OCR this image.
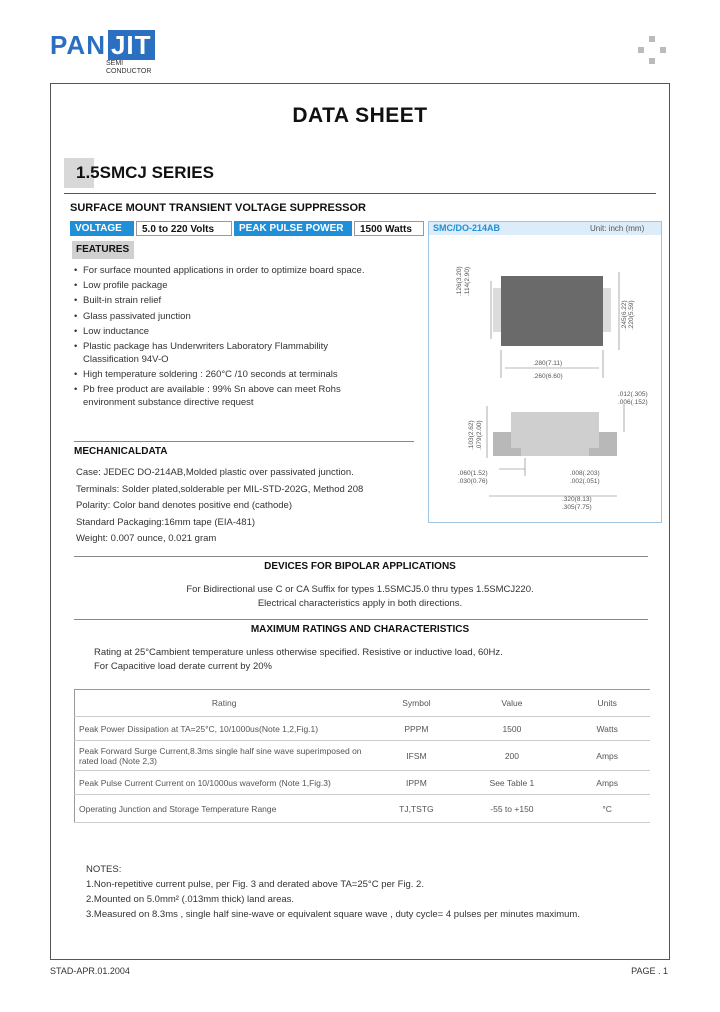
PAN JIT
SEMI
CONDUCTOR
DATA SHEET
1.5SMCJ SERIES
SURFACE MOUNT TRANSIENT VOLTAGE SUPPRESSOR
VOLTAGE	5.0 to 220 Volts	PEAK PULSE POWER	1500 Watts
FEATURES
• For surface mounted applications in order to optimize board space.
• Low profile package
• Built-in strain relief
• Glass passivated junction
• Low inductance
• Plastic package has Underwriters Laboratory Flammability Classification 94V-O
• High temperature soldering : 260°C /10 seconds at terminals
• Pb free product are available : 99% Sn above can meet Rohs environment substance directive request
MECHANICALDATA
Case: JEDEC DO-214AB,Molded plastic over passivated junction.
Terminals: Solder plated,solderable per MIL-STD-202G, Method 208
Polarity: Color band denotes positive end (cathode)
Standard Packaging:16mm tape (EIA-481)
Weight: 0.007 ounce, 0.021 gram
SMC/DO-214AB	Unit: inch (mm)
.126(3.20) .114(2.90)
.245(6.22) .220(5.59)
.280(7.11)
.260(6.60)
.103(2.62) .079(2.00)
.012(.305)
.006(.152)
.060(1.52)
.030(0.76)
.008(.203)
.002(.051)
.320(8.13)
.305(7.75)
DEVICES FOR BIPOLAR APPLICATIONS
For Bidirectional use C or CA Suffix for types 1.5SMCJ5.0 thru types 1.5SMCJ220.
Electrical characteristics apply in both directions.
MAXIMUM RATINGS AND CHARACTERISTICS
Rating at 25°Cambient temperature unless otherwise specified. Resistive or inductive load, 60Hz.
For Capacitive load derate current by 20%
Rating	Symbol	Value	Units
Peak Power Dissipation at TA=25°C, 10/1000us(Note 1,2,Fig.1)	PPPM	1500	Watts
Peak Forward Surge Current,8.3ms single half sine wave superimposed on rated load (Note 2,3)	IFSM	200	Amps
Peak Pulse Current Current on 10/1000us waveform (Note 1,Fig.3)	IPPM	See Table 1	Amps
Operating Junction and Storage Temperature Range	TJ,TSTG	-55 to +150	°C
NOTES:
1.Non-repetitive current pulse, per Fig. 3 and derated above TA=25°C per Fig. 2.
2.Mounted on 5.0mm² (.013mm thick) land areas.
3.Measured on 8.3ms , single half sine-wave or equivalent square wave , duty cycle= 4 pulses per minutes maximum.
STAD-APR.01.2004	PAGE . 1
